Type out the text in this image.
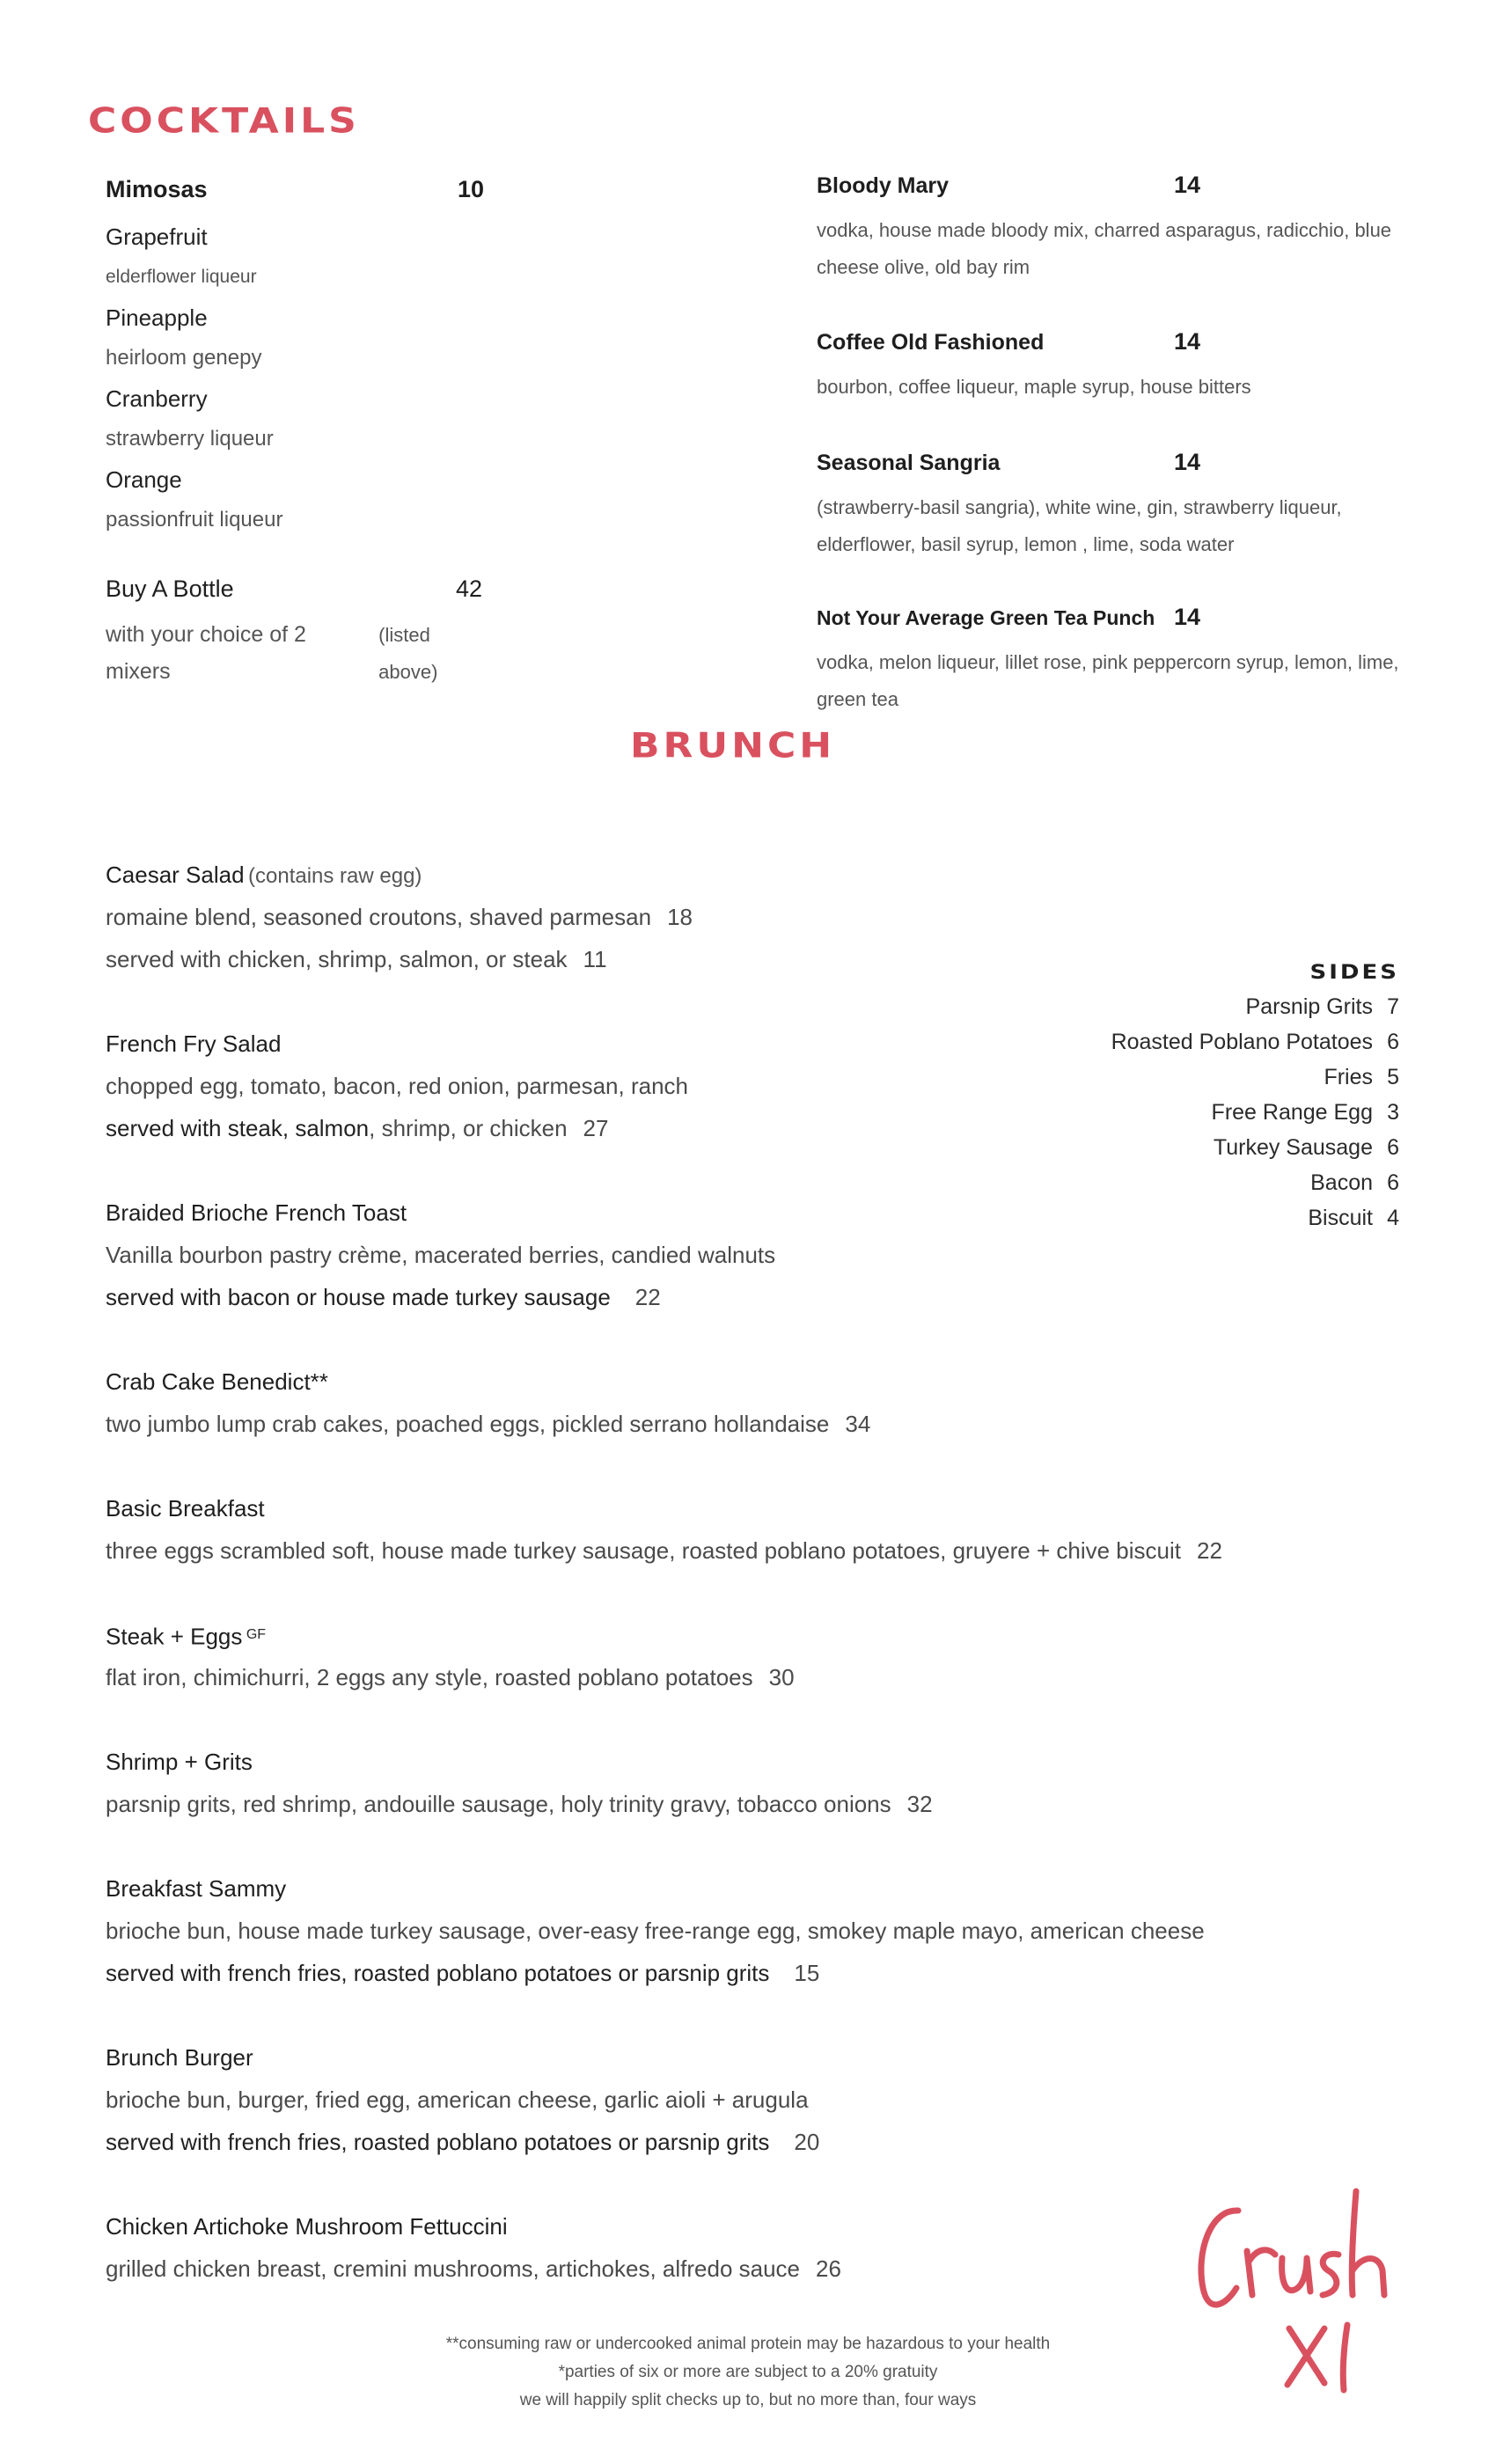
COCKTAILS
Mimosas	10
Grapefruit
elderflower liqueur
Pineapple
heirloom genepy
Cranberry
strawberry liqueur
Orange
passionfruit liqueur
Buy A Bottle	42
with your choice of 2 mixers

(listed above)
Bloody Mary	14
vodka, house made bloody mix, charred asparagus, radicchio, blue
cheese olive, old bay rim
Coffee Old Fashioned	14
bourbon, coffee liqueur, maple syrup, house bitters
Seasonal Sangria	14
(strawberry-basil sangria), white wine, gin, strawberry liqueur,
elderflower, basil syrup, lemon , lime, soda water
Not Your Average Green Tea Punch 14
vodka, melon liqueur, lillet rose, pink peppercorn syrup, lemon, lime,
green tea
BRUNCH
Caesar Salad (contains raw egg)
romaine blend, seasoned croutons, shaved parmesan 18
served with chicken, shrimp, salmon, or steak 11
French Fry Salad
chopped egg, tomato, bacon, red onion, parmesan, ranch
served with steak, salmon, shrimp, or chicken 27
Braided Brioche French Toast
Vanilla bourbon pastry crème, macerated berries, candied walnuts
served with bacon or house made turkey sausage 22
Crab Cake Benedict**
two jumbo lump crab cakes, poached eggs, pickled serrano hollandaise 34
Basic Breakfast
three eggs scrambled soft, house made turkey sausage, roasted poblano potatoes, gruyere + chive biscuit 22
Steak + Eggs $^{GF}$
flat iron, chimichurri, 2 eggs any style, roasted poblano potatoes 30
Shrimp + Grits
parsnip grits, red shrimp, andouille sausage, holy trinity gravy, tobacco onions 32
Breakfast Sammy
brioche bun, house made turkey sausage, over-easy free-range egg, smokey maple mayo, american cheese
served with french fries, roasted poblano potatoes or parsnip grits 15
Brunch Burger
brioche bun, burger, fried egg, american cheese, garlic aioli + arugula
served with french fries, roasted poblano potatoes or parsnip grits 20
Chicken Artichoke Mushroom Fettuccini
grilled chicken breast, cremini mushrooms, artichokes, alfredo sauce 26
SIDES
Parsnip Grits 7
Roasted Poblano Potatoes 6
Fries 5
Free Range Egg 3
Turkey Sausage 6
Bacon 6
Biscuit 4
**consuming raw or undercooked animal protein may be hazardous to your health
*parties of six or more are subject to a 20% gratuity
we will happily split checks up to, but no more than, four ways
